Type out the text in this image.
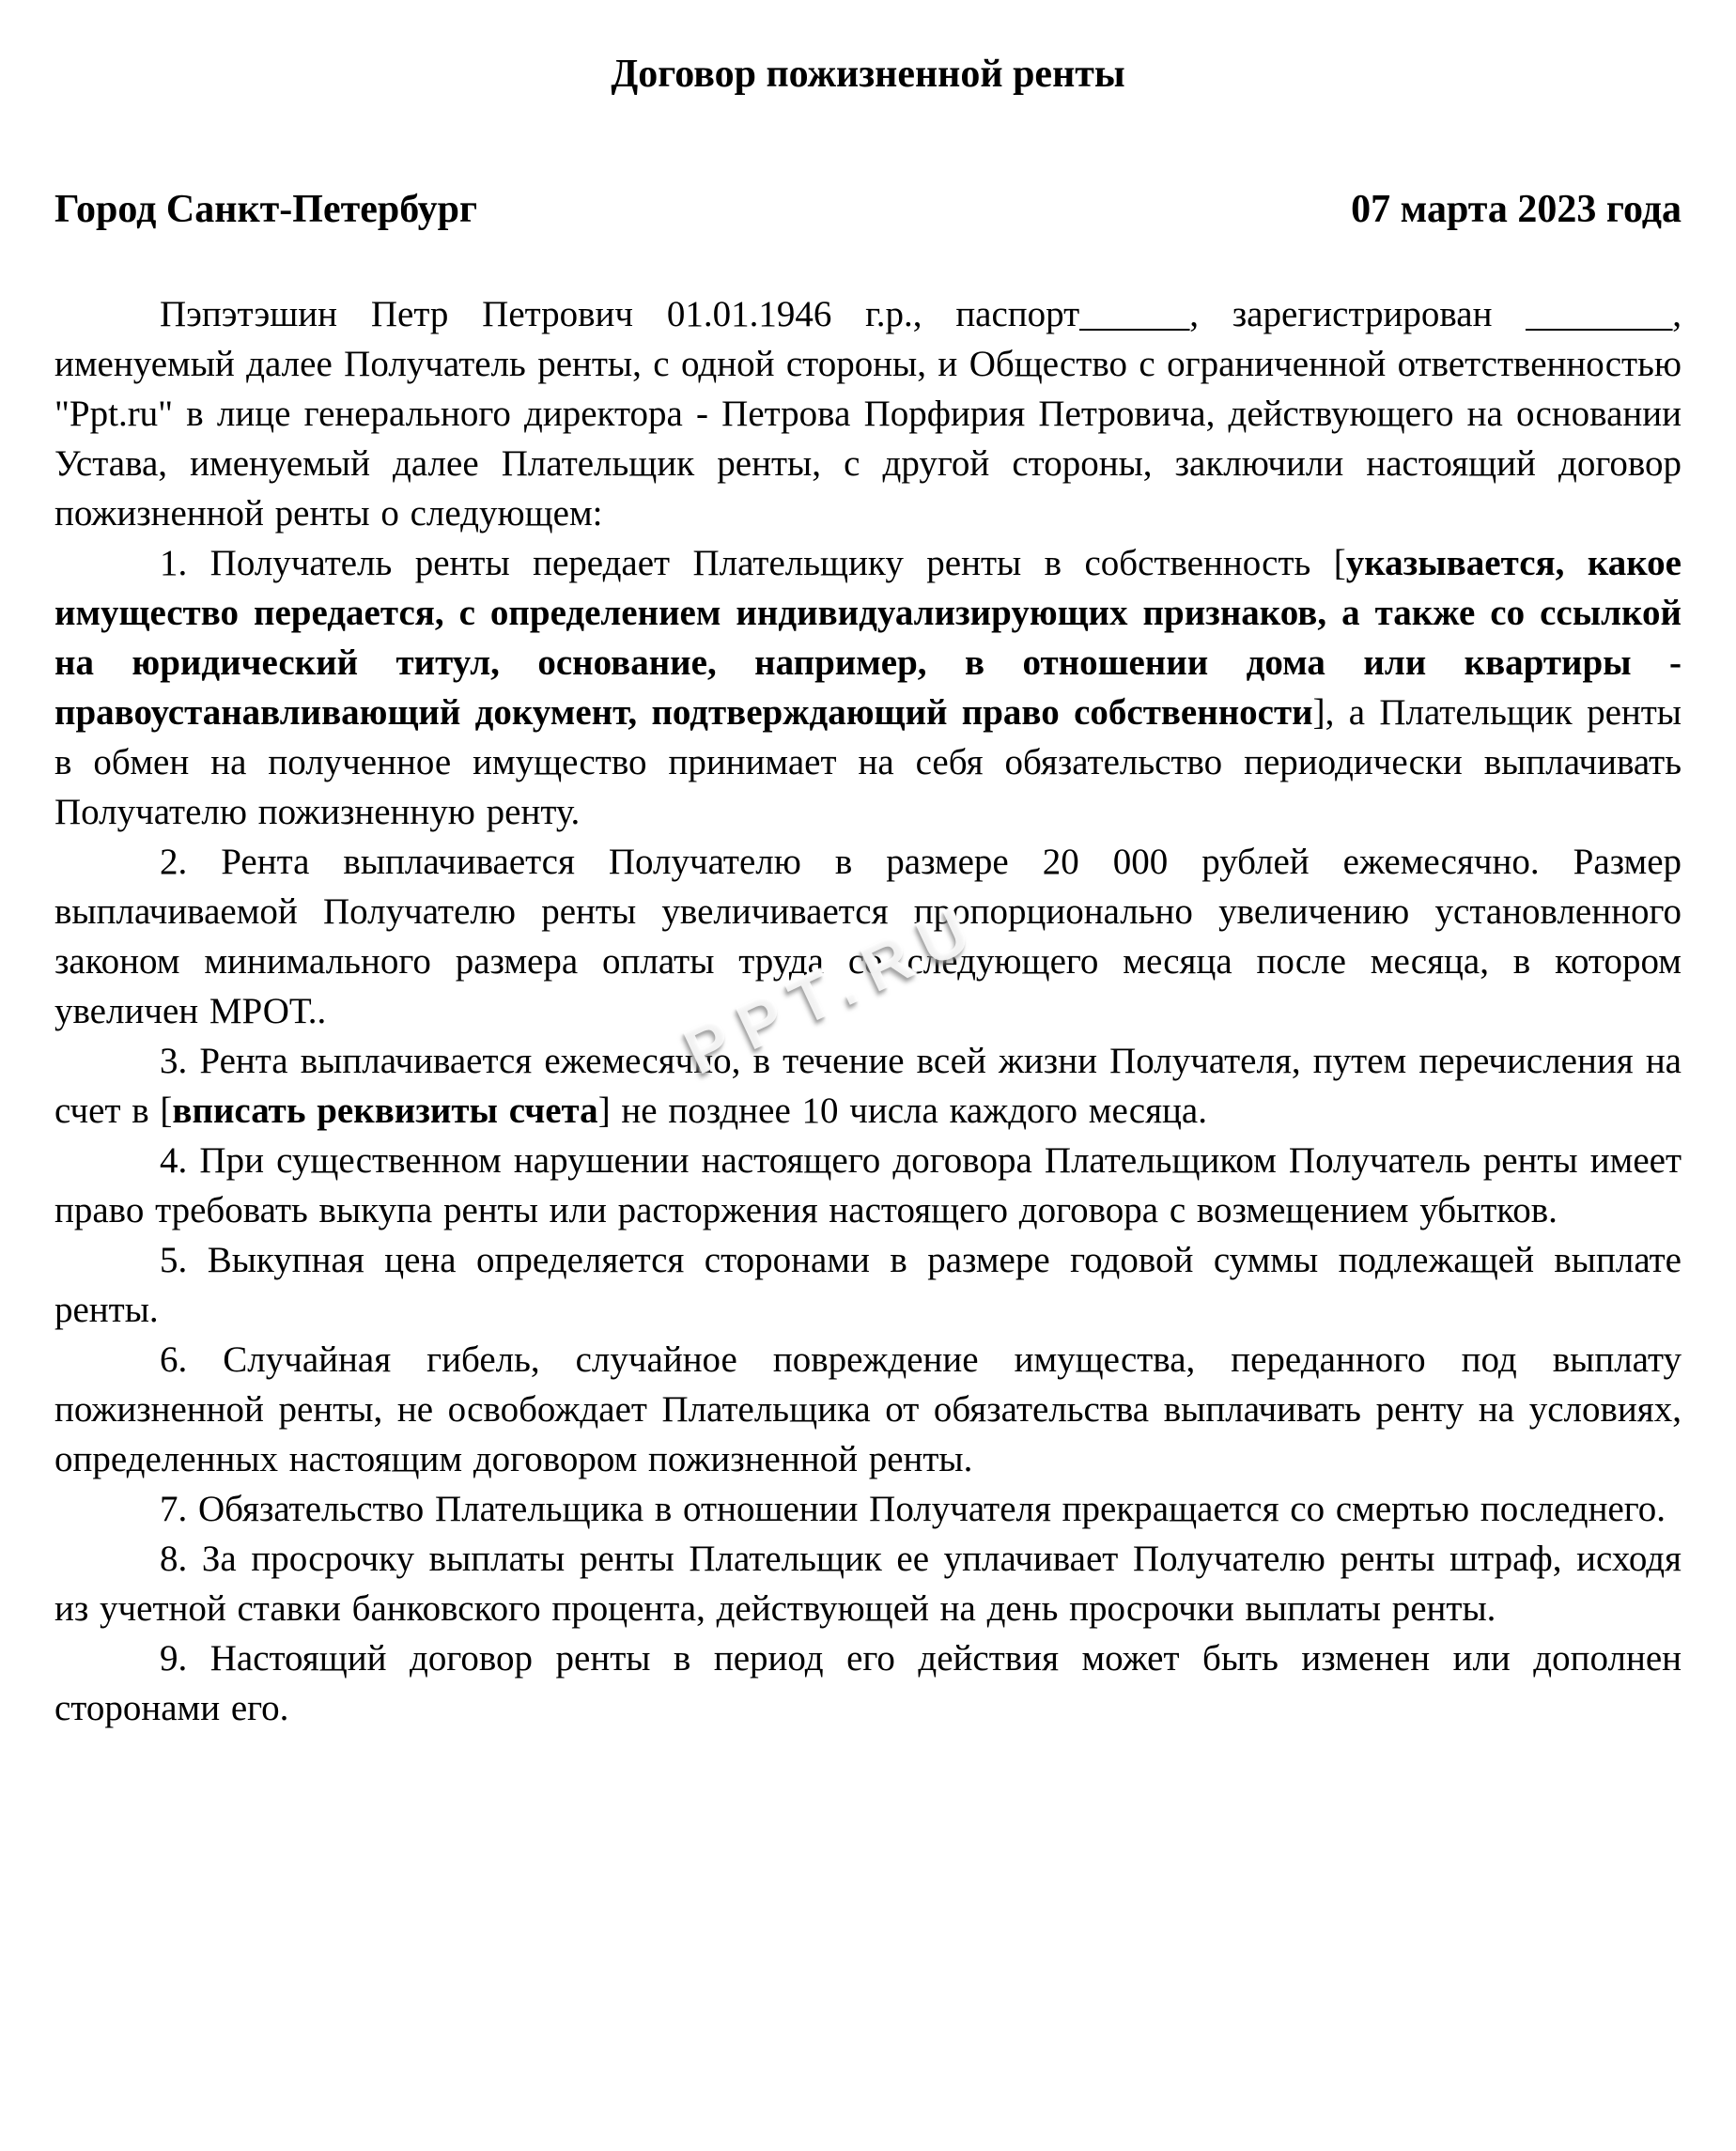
Договор пожизненной ренты
Город Санкт-Петербург	07 марта 2023 года

Пэпэтэшин Петр Петрович 01.01.1946 г.р., паспорт______, зарегистрирован ________, именуемый далее Получатель ренты, с одной стороны, и Общество с ограниченной ответственностью "Ppt.ru" в лице генерального директора - Петрова Порфирия Петровича, действующего на основании Устава, именуемый далее Плательщик ренты, с другой стороны, заключили настоящий договор пожизненной ренты о следующем:

1. Получатель ренты передает Плательщику ренты в собственность [указывается, какое имущество передается, с определением индивидуализирующих признаков, а также со ссылкой на юридический титул, основание, например, в отношении дома или квартиры - правоустанавливающий документ, подтверждающий право собственности], а Плательщик ренты в обмен на полученное имущество принимает на себя обязательство периодически выплачивать Получателю пожизненную ренту.

2. Рента выплачивается Получателю в размере 20 000 рублей ежемесячно. Размер выплачиваемой Получателю ренты увеличивается пропорционально увеличению установленного законом минимального размера оплаты труда со следующего месяца после месяца, в котором увеличен МРОТ..

3. Рента выплачивается ежемесячно, в течение всей жизни Получателя, путем перечисления на счет в [вписать реквизиты счета] не позднее 10 числа каждого месяца.

4. При существенном нарушении настоящего договора Плательщиком Получатель ренты имеет право требовать выкупа ренты или расторжения настоящего договора с возмещением убытков.

5. Выкупная цена определяется сторонами в размере годовой суммы подлежащей выплате ренты.

6. Случайная гибель, случайное повреждение имущества, переданного под выплату пожизненной ренты, не освобождает Плательщика от обязательства выплачивать ренту на условиях, определенных настоящим договором пожизненной ренты.

7. Обязательство Плательщика в отношении Получателя прекращается со смертью последнего.

8. За просрочку выплаты ренты Плательщик ее уплачивает Получателю ренты штраф, исходя из учетной ставки банковского процента, действующей на день просрочки выплаты ренты.

9. Настоящий договор ренты в период его действия может быть изменен или дополнен сторонами его.

PPT.RU
